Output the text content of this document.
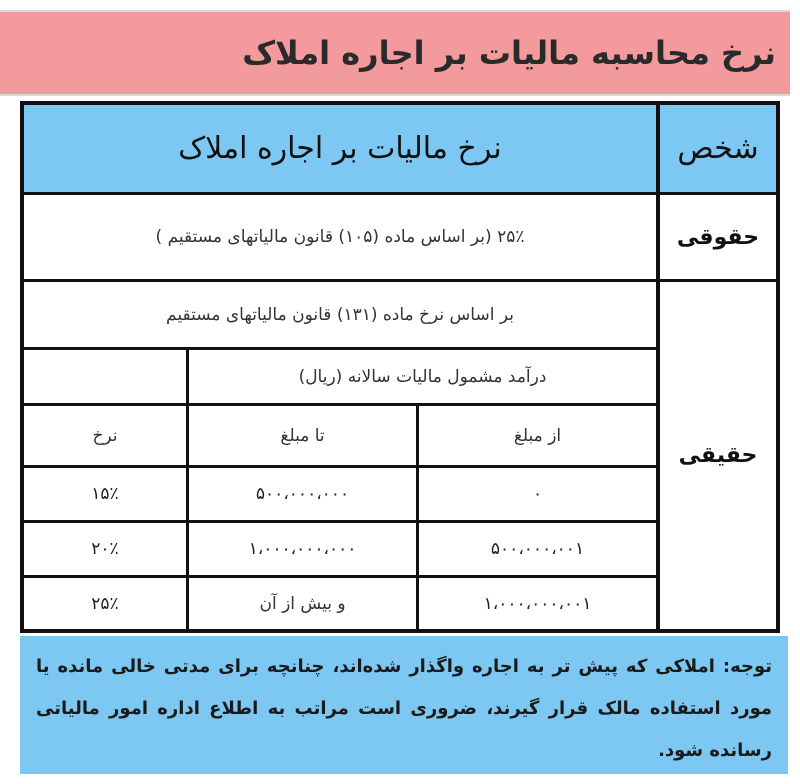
نرخ محاسبه مالیات بر اجاره املاک
نرخ مالیات بر اجاره املاک	شخص
حقوقی
۲۵٪ (بر اساس ماده (۱۰۵) قانون مالیاتهای مستقیم )
حقیقی
بر اساس نرخ ماده (۱۳۱) قانون مالیاتهای مستقیم
درآمد مشمول مالیات سالانه (ریال)
از مبلغ
تا مبلغ
نرخ
۰
۵۰۰،۰۰۰،۰۰۰
۱۵٪
۵۰۰،۰۰۰،۰۰۱
۱،۰۰۰،۰۰۰،۰۰۰
۲۰٪
۱،۰۰۰،۰۰۰،۰۰۱
و بیش از آن
۲۵٪
توجه: املاکی که پیش تر به اجاره واگذار شده‌اند، چنانچه برای مدتی خالی مانده یا مورد استفاده مالک قرار گیرند، ضروری است مراتب به اطلاع اداره امور مالیاتی رسانده شود.
